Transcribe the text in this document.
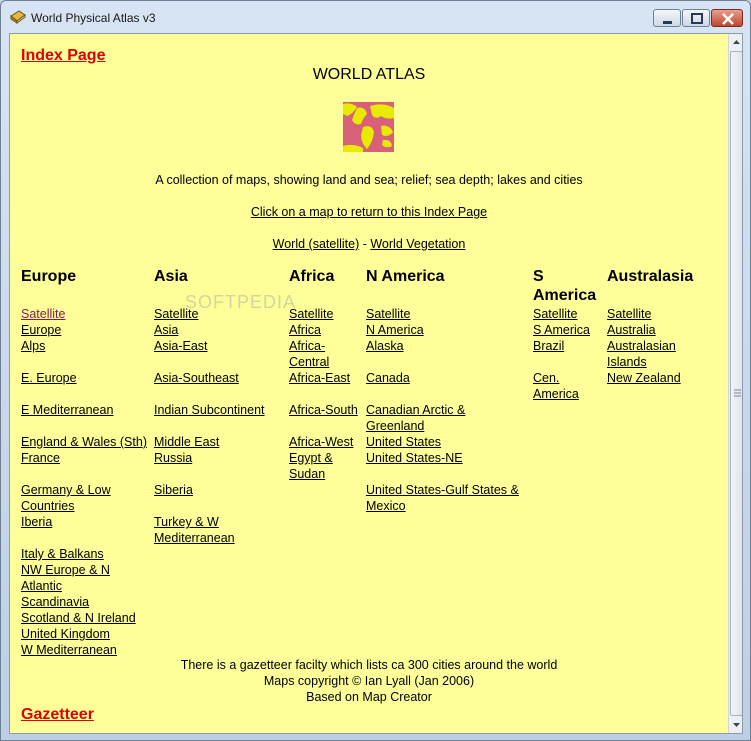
World Physical Atlas v3
Index Page
WORLD ATLAS
A collection of maps, showing land and sea; relief; sea depth; lakes and cities
Click on a map to return to this Index Page
World (satellite) - World Vegetation
SOFTPEDIA
Europe
Satellite
Europe
Alps
E. Europe
E Mediterranean
England & Wales (Sth)
France
Germany & Low Countries
Iberia
Italy & Balkans
NW Europe & N Atlantic
Scandinavia
Scotland & N Ireland
United Kingdom
W Mediterranean
Asia
Satellite
Asia
Asia-East
Asia-Southeast
Indian Subcontinent
Middle East
Russia
Siberia
Turkey & W Mediterranean
Africa
Satellite
Africa
Africa-Central
Africa-East
Africa-South
Africa-West
Egypt & Sudan
N America
Satellite
N America
Alaska
Canada
Canadian Arctic & Greenland
United States
United States-NE
United States-Gulf States & Mexico
S America
Satellite
S America
Brazil
Cen. America
Australasia
Satellite
Australia
Australasian Islands
New Zealand
There is a gazetteer facilty which lists ca 300 cities around the world
Maps copyright © Ian Lyall (Jan 2006)
Based on Map Creator
Gazetteer
